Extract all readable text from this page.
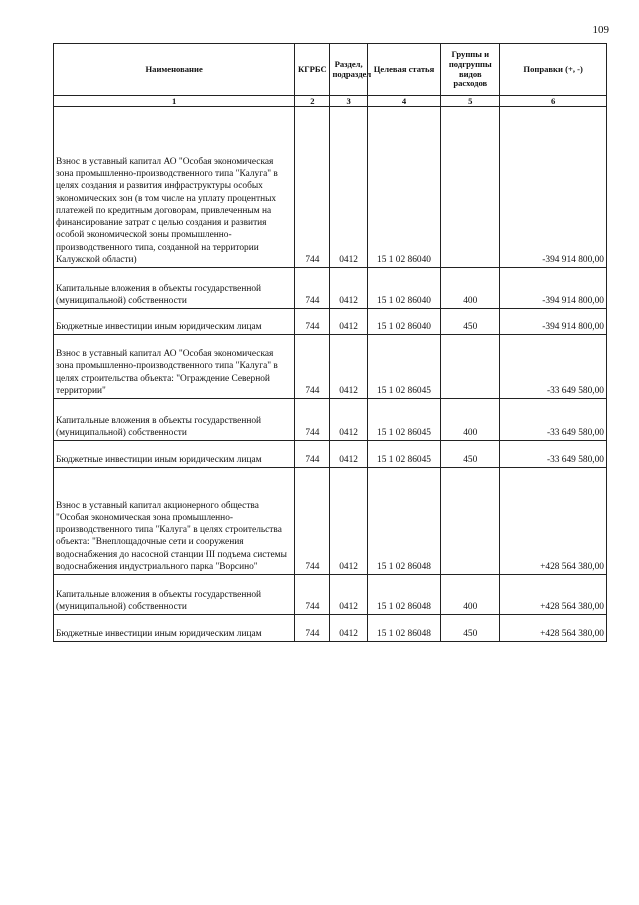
109
Наименование	КГРБС	Раздел, подраздел	Целевая статья	Группы и подгруппы видов расходов	Поправки (+, -)
1	2	3	4	5	6
Взнос в уставный капитал АО "Особая экономическая зона промышленно-производственного типа "Калуга" в целях создания и развития инфраструктуры особых экономических зон (в том числе на уплату процентных платежей по кредитным договорам, привлеченным на финансирование затрат с целью создания и развития особой экономической зоны промышленно-производственного типа, созданной на территории Калужской области)	744	0412	15 1 02 86040		-394 914 800,00
Капитальные вложения в объекты государственной (муниципальной) собственности	744	0412	15 1 02 86040	400	-394 914 800,00
Бюджетные инвестиции иным юридическим лицам	744	0412	15 1 02 86040	450	-394 914 800,00
Взнос в уставный капитал АО "Особая экономическая зона промышленно-производственного типа "Калуга" в целях строительства объекта: "Ограждение Северной территории"	744	0412	15 1 02 86045		-33 649 580,00
Капитальные вложения в объекты государственной (муниципальной) собственности	744	0412	15 1 02 86045	400	-33 649 580,00
Бюджетные инвестиции иным юридическим лицам	744	0412	15 1 02 86045	450	-33 649 580,00
Взнос в уставный капитал акционерного общества "Особая экономическая зона промышленно-производственного типа "Калуга" в целях строительства объекта: "Внеплощадочные сети и сооружения водоснабжения до насосной станции III подъема системы водоснабжения индустриального парка "Ворсино"	744	0412	15 1 02 86048		+428 564 380,00
Капитальные вложения в объекты государственной (муниципальной) собственности	744	0412	15 1 02 86048	400	+428 564 380,00
Бюджетные инвестиции иным юридическим лицам	744	0412	15 1 02 86048	450	+428 564 380,00
